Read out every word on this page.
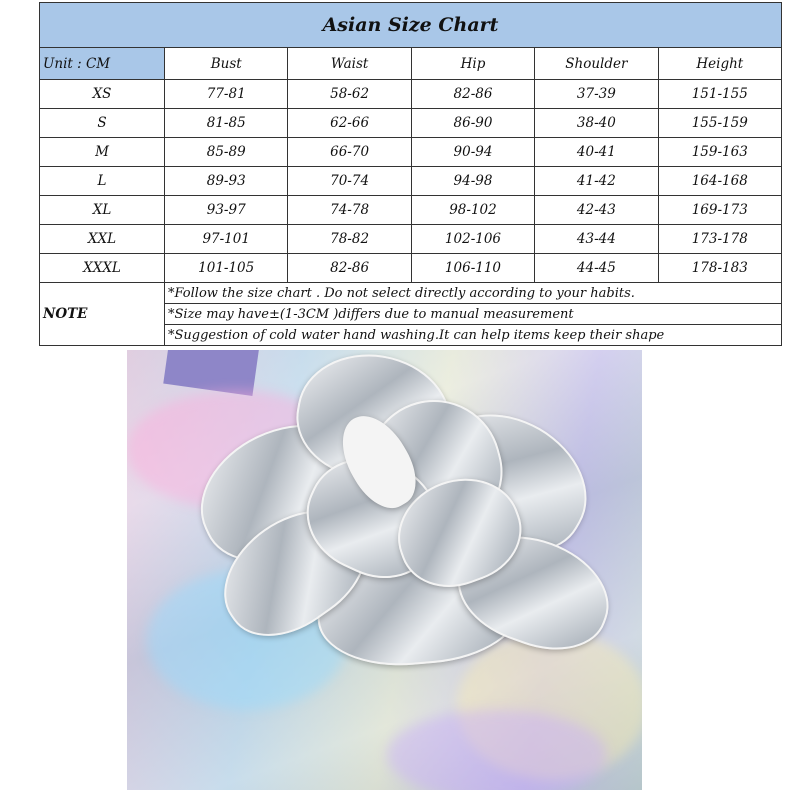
Asian Size Chart					
Unit : CM	Bust	Waist	Hip	Shoulder	Height
XS	77-81	58-62	82-86	37-39	151-155
S	81-85	62-66	86-90	38-40	155-159
M	85-89	66-70	90-94	40-41	159-163
L	89-93	70-74	94-98	41-42	164-168
XL	93-97	74-78	98-102	42-43	169-173
XXL	97-101	78-82	102-106	43-44	173-178
XXXL	101-105	82-86	106-110	44-45	178-183
NOTE	*Follow the size chart . Do not select directly according to your habits.				
	*Size may have±(1-3CM )differs due to manual measurement				
	*Suggestion of cold water hand washing.It can help items keep their shape				
